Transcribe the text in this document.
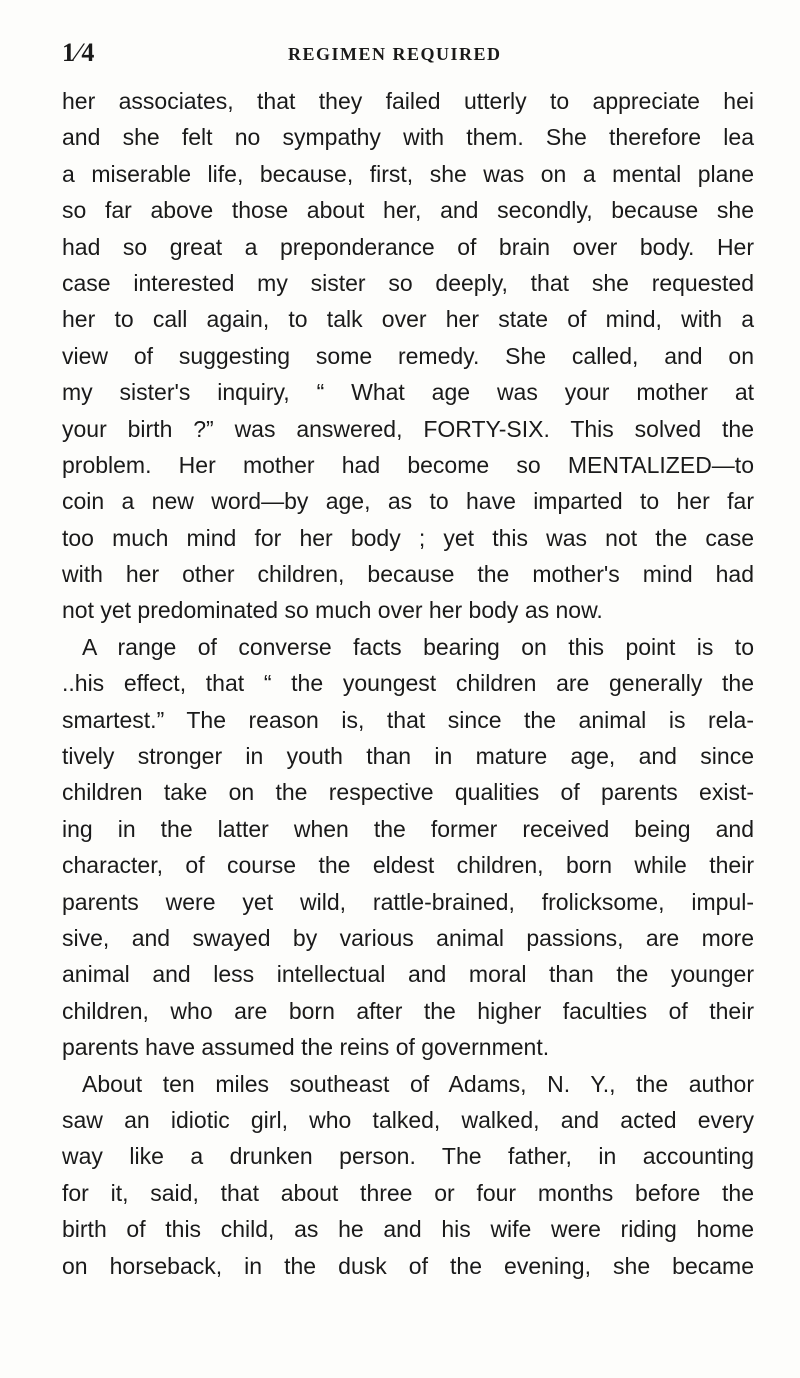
1⁄4	REGIMEN REQUIRED
her associates, that they failed utterly to appreciate hei
and she felt no sympathy with them. She therefore lea
a miserable life, because, first, she was on a mental plane
so far above those about her, and secondly, because she
had so great a preponderance of brain over body. Her
case interested my sister so deeply, that she requested
her to call again, to talk over her state of mind, with a
view of suggesting some remedy. She called, and on
my sister's inquiry, “ What age was your mother at
your birth ?” was answered, FORTY-SIX. This solved the
problem. Her mother had become so MENTALIZED—to
coin a new word—by age, as to have imparted to her far
too much mind for her body ; yet this was not the case
with her other children, because the mother's mind had
not yet predominated so much over her body as now.
A range of converse facts bearing on this point is to
..his effect, that “ the youngest children are generally the
smartest.” The reason is, that since the animal is rela-
tively stronger in youth than in mature age, and since
children take on the respective qualities of parents exist-
ing in the latter when the former received being and
character, of course the eldest children, born while their
parents were yet wild, rattle-brained, frolicksome, impul-
sive, and swayed by various animal passions, are more
animal and less intellectual and moral than the younger
children, who are born after the higher faculties of their
parents have assumed the reins of government.
About ten miles southeast of Adams, N. Y., the author
saw an idiotic girl, who talked, walked, and acted every
way like a drunken person. The father, in accounting
for it, said, that about three or four months before the
birth of this child, as he and his wife were riding home
on horseback, in the dusk of the evening, she became
